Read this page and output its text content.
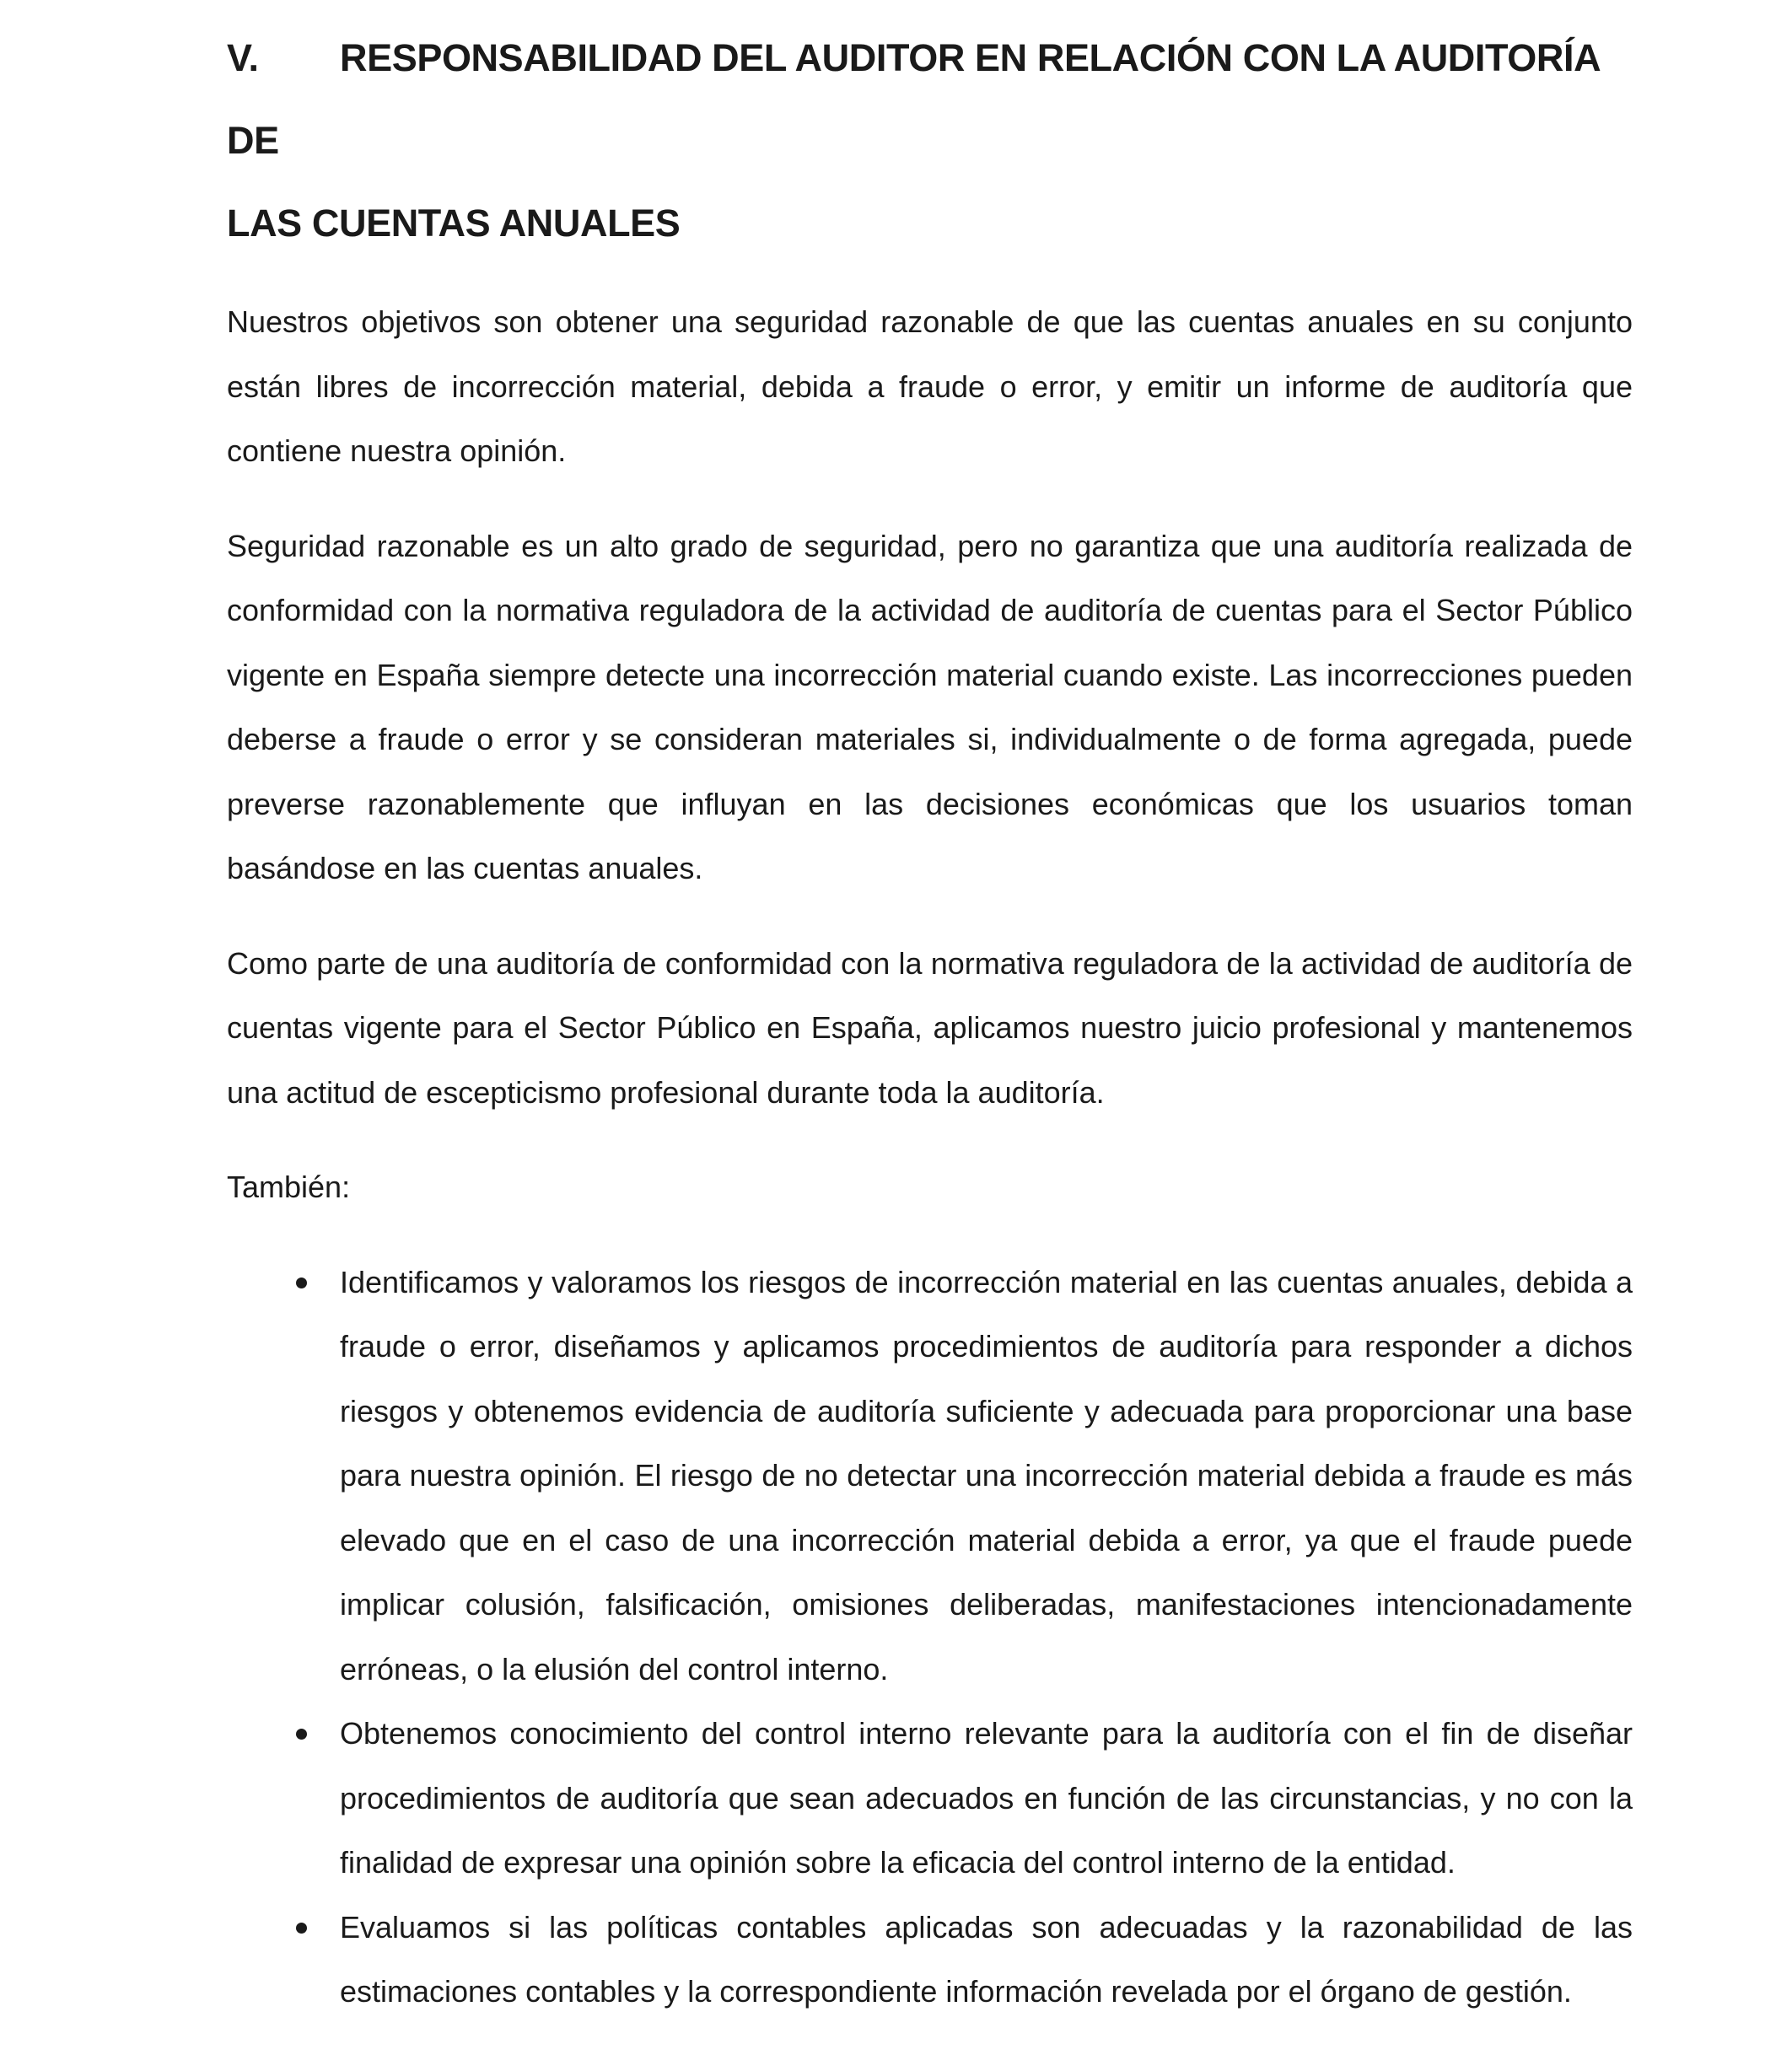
V. RESPONSABILIDAD DEL AUDITOR EN RELACIÓN CON LA AUDITORÍA DE
LAS CUENTAS ANUALES

Nuestros objetivos son obtener una seguridad razonable de que las cuentas anuales en su conjunto están libres de incorrección material, debida a fraude o error, y emitir un informe de auditoría que contiene nuestra opinión.

Seguridad razonable es un alto grado de seguridad, pero no garantiza que una auditoría realizada de conformidad con la normativa reguladora de la actividad de auditoría de cuentas para el Sector Público vigente en España siempre detecte una incorrección material cuando existe. Las incorrecciones pueden deberse a fraude o error y se consideran materiales si, individualmente o de forma agregada, puede preverse razonablemente que influyan en las decisiones económicas que los usuarios toman basándose en las cuentas anuales.

Como parte de una auditoría de conformidad con la normativa reguladora de la actividad de auditoría de cuentas vigente para el Sector Público en España, aplicamos nuestro juicio profesional y mantenemos una actitud de escepticismo profesional durante toda la auditoría.

También:

Identificamos y valoramos los riesgos de incorrección material en las cuentas anuales, debida a fraude o error, diseñamos y aplicamos procedimientos de auditoría para responder a dichos riesgos y obtenemos evidencia de auditoría suficiente y adecuada para proporcionar una base para nuestra opinión. El riesgo de no detectar una incorrección material debida a fraude es más elevado que en el caso de una incorrección material debida a error, ya que el fraude puede implicar colusión, falsificación, omisiones deliberadas, manifestaciones intencionadamente erróneas, o la elusión del control interno.
Obtenemos conocimiento del control interno relevante para la auditoría con el fin de diseñar procedimientos de auditoría que sean adecuados en función de las circunstancias, y no con la finalidad de expresar una opinión sobre la eficacia del control interno de la entidad.
Evaluamos si las políticas contables aplicadas son adecuadas y la razonabilidad de las estimaciones contables y la correspondiente información revelada por el órgano de gestión.
